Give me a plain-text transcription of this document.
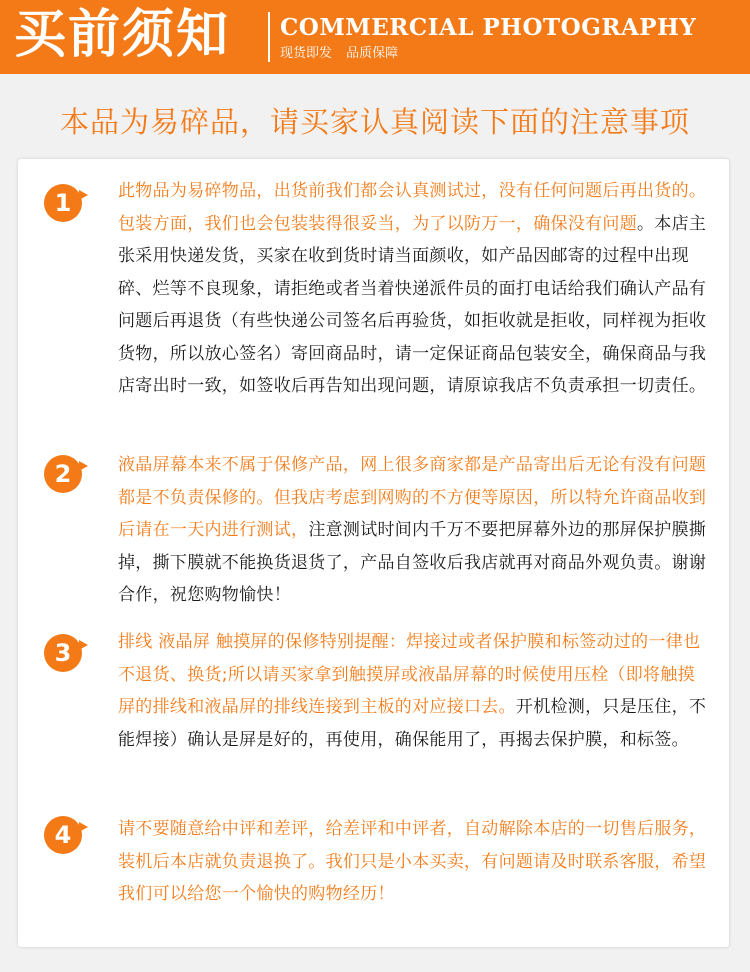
买前须知 COMMERCIAL PHOTOGRAPHY
现货即发 品质保障
本品为易碎品，请买家认真阅读下面的注意事项
1	此物品为易碎物品，出货前我们都会认真测试过，没有任何问题后再出货的。包装方面，我们也会包装装得很妥当，为了以防万一，确保没有问题。本店主张采用快递发货，买家在收到货时请当面颜收，如产品因邮寄的过程中出现碎、烂等不良现象，请拒绝或者当着快递派件员的面打电话给我们确认产品有问题后再退货（有些快递公司签名后再验货，如拒收就是拒收，同样视为拒收货物，所以放心签名）寄回商品时，请一定保证商品包装安全，确保商品与我店寄出时一致，如签收后再告知出现问题，请原谅我店不负责承担一切责任。
2	液晶屏幕本来不属于保修产品，网上很多商家都是产品寄出后无论有没有问题都是不负责保修的。但我店考虑到网购的不方便等原因，所以特允许商品收到后请在一天内进行测试，注意测试时间内千万不要把屏幕外边的那屏保护膜撕掉，撕下膜就不能换货退货了，产品自签收后我店就再对商品外观负责。谢谢合作，祝您购物愉快！
3	排线 液晶屏 触摸屏的保修特别提醒：焊接过或者保护膜和标签动过的一律也不退货、换货;所以请买家拿到触摸屏或液晶屏幕的时候使用压栓（即将触摸屏的排线和液晶屏的排线连接到主板的对应接口去。开机检测，只是压住，不能焊接）确认是屏是好的，再使用，确保能用了，再揭去保护膜，和标签。
4	请不要随意给中评和差评，给差评和中评者，自动解除本店的一切售后服务，装机后本店就负责退换了。我们只是小本买卖，有问题请及时联系客服，希望我们可以给您一个愉快的购物经历！
